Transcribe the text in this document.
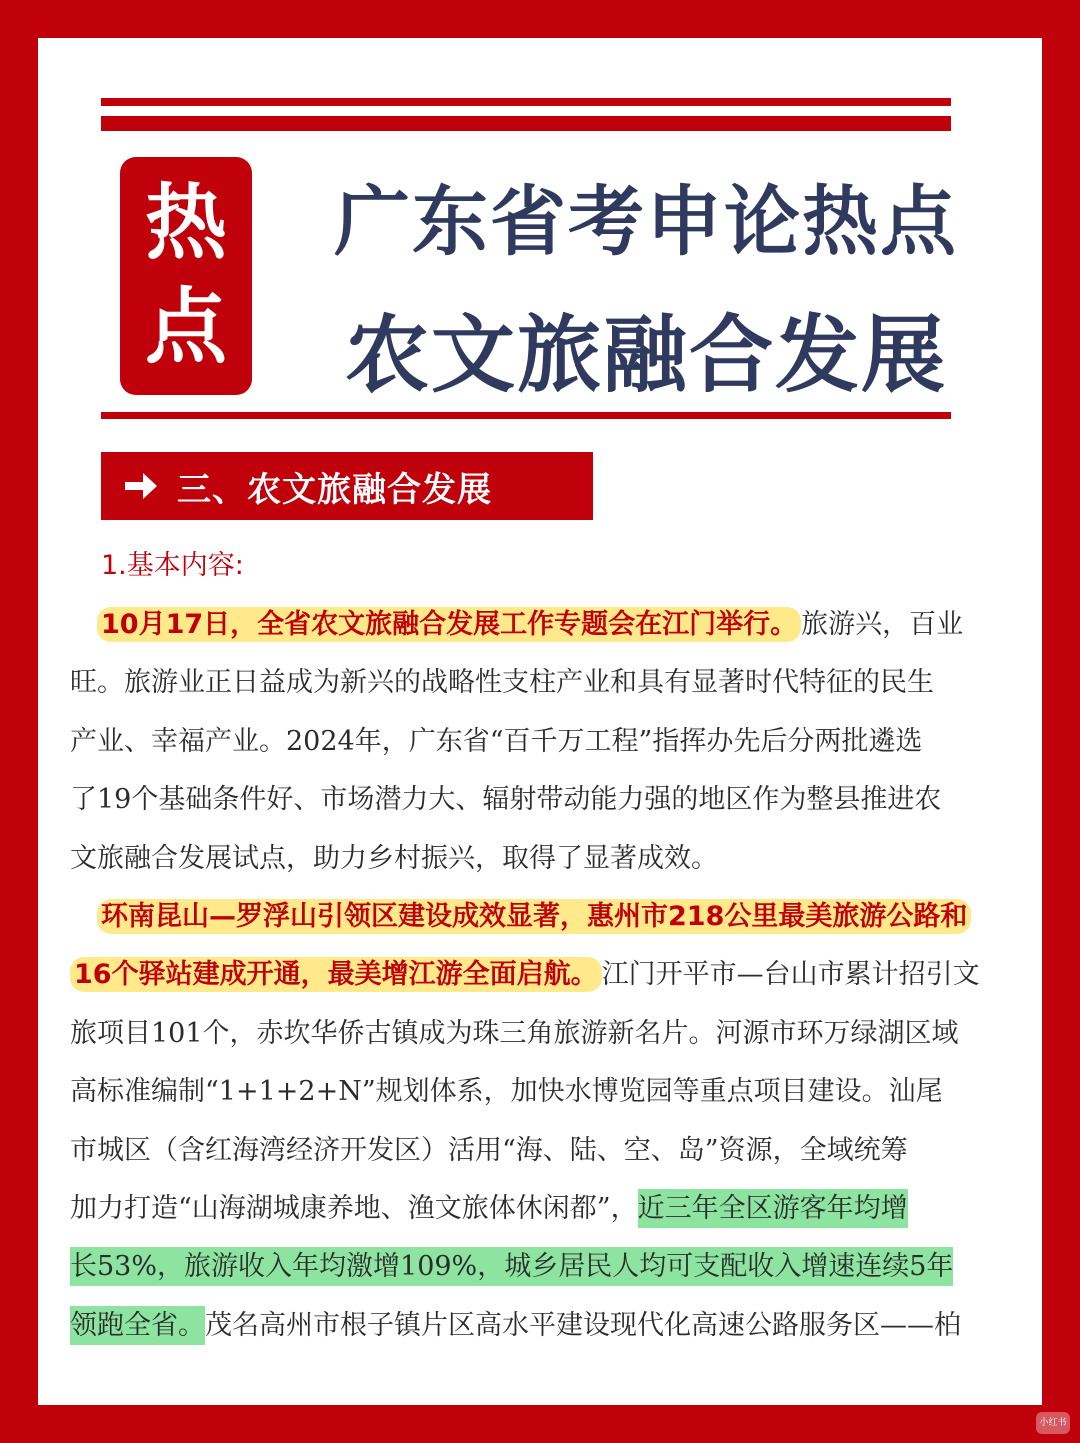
热
点
广东省考申论热点
农文旅融合发展
三、农文旅融合发展
1.基本内容:
10月17日，全省农文旅融合发展工作专题会在江门举行。 旅游兴，百业
旺。旅游业正日益成为新兴的战略性支柱产业和具有显著时代特征的民生
产业、幸福产业。2024年，广东省“百千万工程”指挥办先后分两批遴选
了19个基础条件好、市场潜力大、辐射带动能力强的地区作为整县推进农
文旅融合发展试点，助力乡村振兴，取得了显著成效。
环南昆山—罗浮山引领区建设成效显著，惠州市218公里最美旅游公路和
16个驿站建成开通，最美增江游全面启航。 江门开平市—台山市累计招引文
旅项目101个，赤坎华侨古镇成为珠三角旅游新名片。河源市环万绿湖区域
高标准编制“1+1+2+N”规划体系，加快水博览园等重点项目建设。汕尾
市城区（含红海湾经济开发区）活用“海、陆、空、岛”资源，全域统筹
加力打造“山海湖城康养地、渔文旅体休闲都”，近三年全区游客年均增
长53%，旅游收入年均激增109%，城乡居民人均可支配收入增速连续5年
领跑全省。茂名高州市根子镇片区高水平建设现代化高速公路服务区——柏
小红书
